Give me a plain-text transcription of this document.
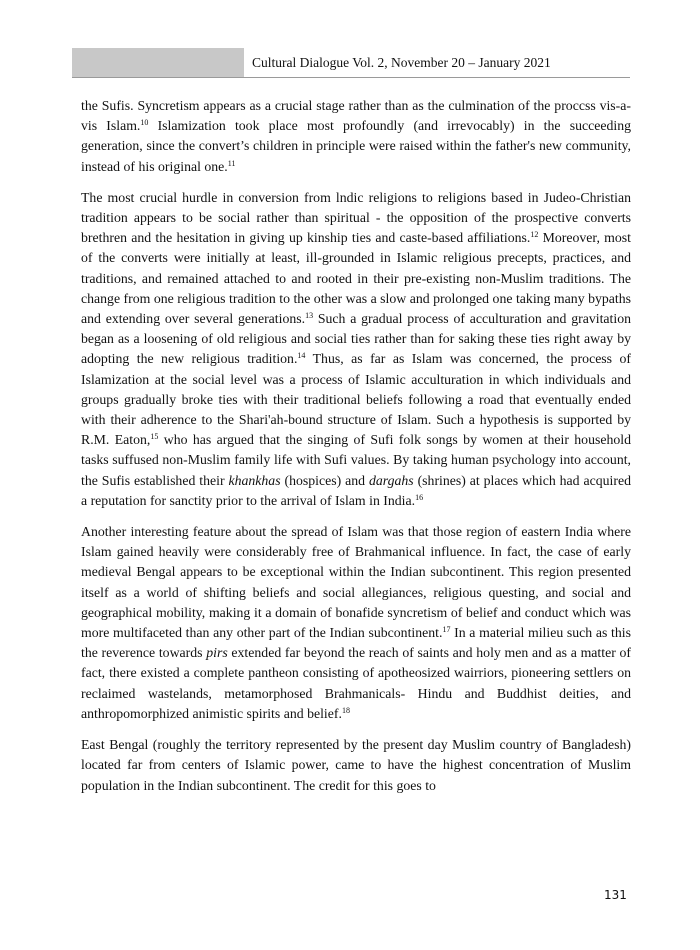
Cultural Dialogue Vol. 2, November 20 – January 2021

the Sufis. Syncretism appears as a crucial stage rather than as the culmination of the proccss vis-a-vis Islam.$^{10}$ Islamization took place most profoundly (and irrevocably) in the succeeding generation, since the convert’s children in principle were raised within the father's new community, instead of his original one.$^{11}$

The most crucial hurdle in conversion from lndic religions to religions based in Judeo-Christian tradition appears to be social rather than spiritual - the opposition of the prospective converts brethren and the hesitation in giving up kinship ties and caste-based affiliations.$^{12}$ Moreover, most of the converts were initially at least, ill-grounded in Islamic religious precepts, practices, and traditions, and remained attached to and rooted in their pre-existing non-Muslim traditions. The change from one religious tradition to the other was a slow and prolonged one taking many bypaths and extending over several generations.$^{13}$ Such a gradual process of acculturation and gravitation began as a loosening of old religious and social ties rather than for saking these ties right away by adopting the new religious tradition.$^{14}$ Thus, as far as Islam was concerned, the process of Islamization at the social level was a process of Islamic acculturation in which individuals and groups gradually broke ties with their traditional beliefs following a road that eventually ended with their adherence to the Shari'ah-bound structure of Islam. Such a hypothesis is supported by R.M. Eaton,$^{15}$ who has argued that the singing of Sufi folk songs by women at their household tasks suffused non-Muslim family life with Sufi values. By taking human psychology into account, the Sufis established their khankhas (hospices) and dargahs (shrines) at places which had acquired a reputation for sanctity prior to the arrival of Islam in India.$^{16}$

Another interesting feature about the spread of Islam was that those region of eastern India where Islam gained heavily were considerably free of Brahmanical influence. In fact, the case of early medieval Bengal appears to be exceptional within the Indian subcontinent. This region presented itself as a world of shifting beliefs and social allegiances, religious questing, and social and geographical mobility, making it a domain of bonafide syncretism of belief and conduct which was more multifaceted than any other part of the Indian subcontinent.$^{17}$ In a material milieu such as this the reverence towards pirs extended far beyond the reach of saints and holy men and as a matter of fact, there existed a complete pantheon consisting of apotheosized wairriors, pioneering settlers on reclaimed wastelands, metamorphosed Brahmanicals- Hindu and Buddhist deities, and anthropomorphized animistic spirits and belief.$^{18}$

East Bengal (roughly the territory represented by the present day Muslim country of Bangladesh) located far from centers of Islamic power, came to have the highest concentration of Muslim population in the Indian subcontinent. The credit for this goes to

131
